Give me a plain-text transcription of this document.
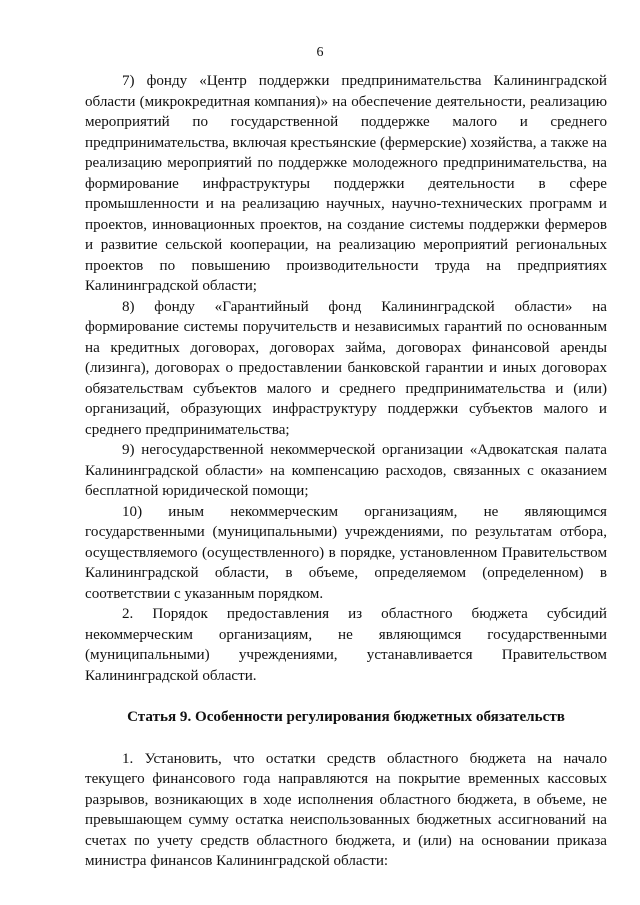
6

7) фонду «Центр поддержки предпринимательства Калининградской области (микрокредитная компания)» на обеспечение деятельности, реализацию мероприятий по государственной поддержке малого и среднего предпринимательства, включая крестьянские (фермерские) хозяйства, а также на реализацию мероприятий по поддержке молодежного предпринимательства, на формирование инфраструктуры поддержки деятельности в сфере промышленности и на реализацию научных, научно-технических программ и проектов, инновационных проектов, на создание системы поддержки фермеров и развитие сельской кооперации, на реализацию мероприятий региональных проектов по повышению производительности труда на предприятиях Калининградской области;

8) фонду «Гарантийный фонд Калининградской области» на формирование системы поручительств и независимых гарантий по основанным на кредитных договорах, договорах займа, договорах финансовой аренды (лизинга), договорах о предоставлении банковской гарантии и иных договорах обязательствам субъектов малого и среднего предпринимательства и (или) организаций, образующих инфраструктуру поддержки субъектов малого и среднего предпринимательства;

9) негосударственной некоммерческой организации «Адвокатская палата Калининградской области» на компенсацию расходов, связанных с оказанием бесплатной юридической помощи;

10) иным некоммерческим организациям, не являющимся государственными (муниципальными) учреждениями, по результатам отбора, осуществляемого (осуществленного) в порядке, установленном Правительством Калининградской области, в объеме, определяемом (определенном) в соответствии с указанным порядком.

2. Порядок предоставления из областного бюджета субсидий некоммерческим организациям, не являющимся государственными (муниципальными) учреждениями, устанавливается Правительством Калининградской области.

Статья 9. Особенности регулирования бюджетных обязательств

1. Установить, что остатки средств областного бюджета на начало текущего финансового года направляются на покрытие временных кассовых разрывов, возникающих в ходе исполнения областного бюджета, в объеме, не превышающем сумму остатка неиспользованных бюджетных ассигнований на счетах по учету средств областного бюджета, и (или) на основании приказа министра финансов Калининградской области:
